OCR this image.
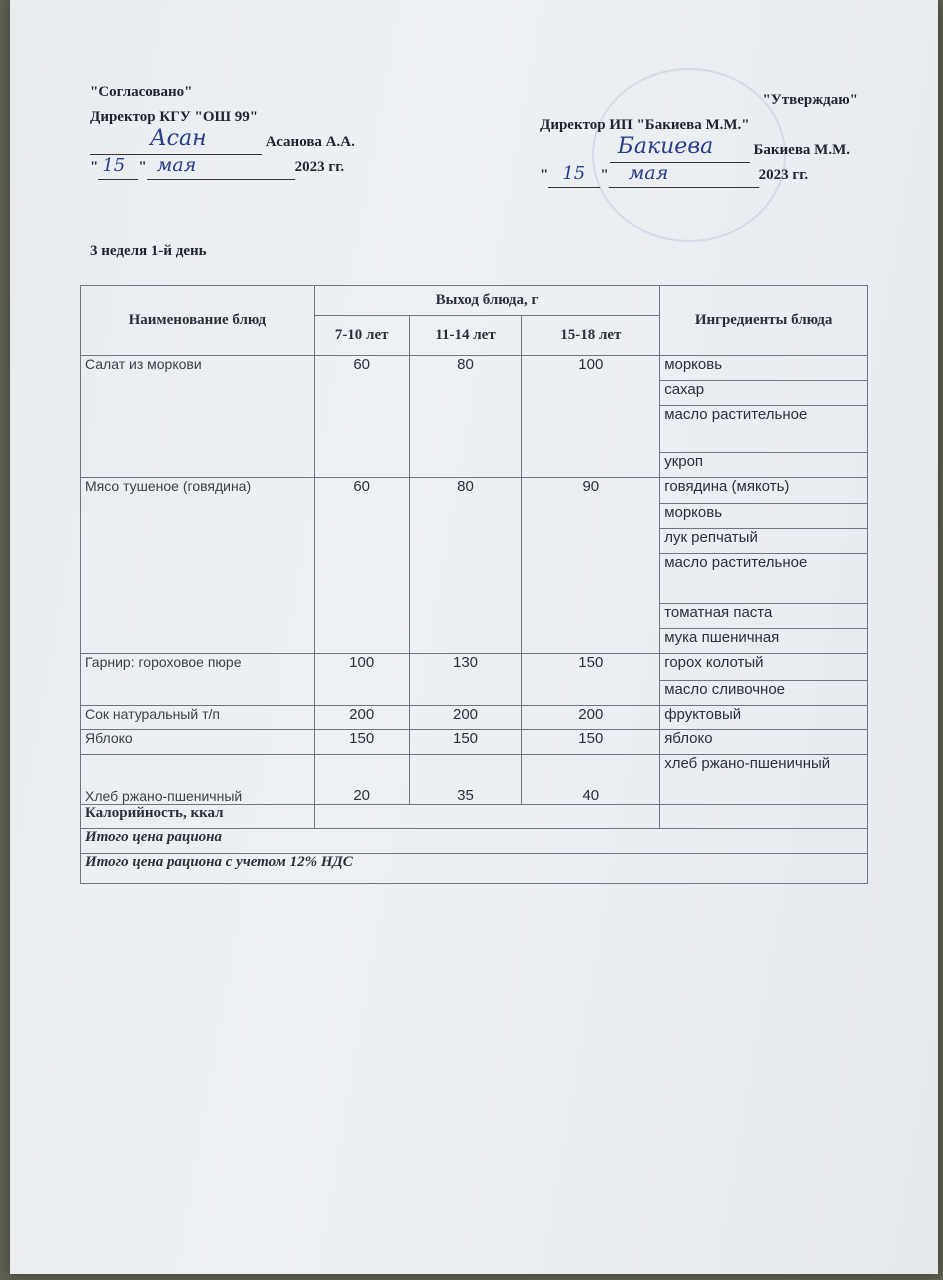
"Согласовано"
Директор КГУ "ОШ 99"
Асан	Асанова А.А.
" 15 " мая	2023 гг.
"Утверждаю"
Директор ИП "Бакиева М.М."
Бакиева	Бакиева М.М.
" 15 " мая	2023 гг.
3 неделя 1-й день
Наименование блюд	Выход блюда, г			Ингредиенты блюда
	7-10 лет	11-14 лет	15-18 лет	
Салат из моркови	60	80	100	морковь
				сахар
				масло растительное
				укроп
Мясо тушеное (говядина)	60	80	90	говядина (мякоть)
				морковь
				лук репчатый
				масло растительное
				томатная паста
				мука пшеничная
Гарнир: гороховое пюре	100	130	150	горох колотый
				масло сливочное
Сок натуральный т/п	200	200	200	фруктовый
Яблоко	150	150	150	яблоко
Хлеб ржано-пшеничный	20	35	40	хлеб ржано-пшеничный
Калорийность, ккал				
Итого цена рациона				
Итого цена рациона с учетом 12% НДС				
